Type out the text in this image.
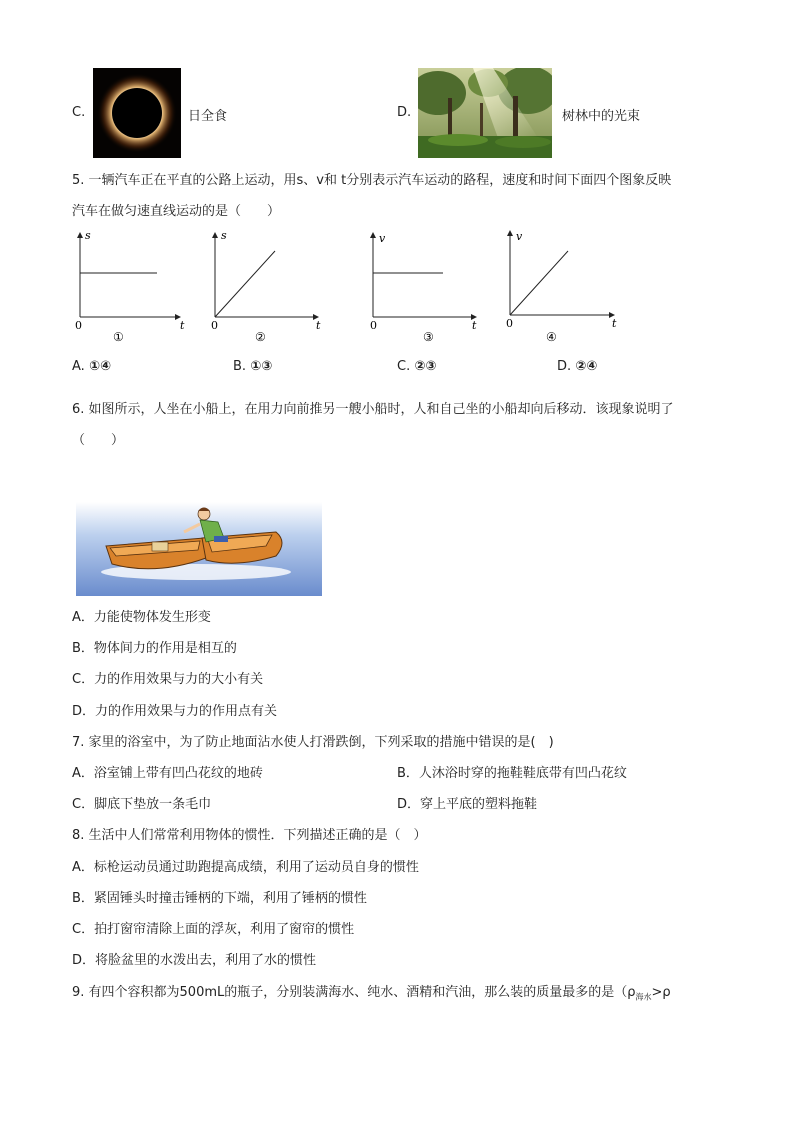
C.	日全食	D.	树林中的光束
5. 一辆汽车正在平直的公路上运动，用s、v和 t分别表示汽车运动的路程，速度和时间下面四个图象反映
汽车在做匀速直线运动的是（　　）
s
t
0
①
s
t
0
②
v
t
0
③
v
t
0
④
A. ①④	B. ①③	C. ②③	D. ②④
6. 如图所示，人坐在小船上，在用力向前推另一艘小船时，人和自己坐的小船却向后移动．该现象说明了
（　　）
A．力能使物体发生形变
B．物体间力的作用是相互的
C．力的作用效果与力的大小有关
D．力的作用效果与力的作用点有关
7. 家里的浴室中，为了防止地面沾水使人打滑跌倒，下列采取的措施中错误的是(　)
A．浴室铺上带有凹凸花纹的地砖	B．人沐浴时穿的拖鞋鞋底带有凹凸花纹
C．脚底下垫放一条毛巾	D．穿上平底的塑料拖鞋
8. 生活中人们常常利用物体的惯性．下列描述正确的是（　）
A．标枪运动员通过助跑提高成绩，利用了运动员自身的惯性
B．紧固锤头时撞击锤柄的下端，利用了锤柄的惯性
C．拍打窗帘清除上面的浮灰，利用了窗帘的惯性
D．将脸盆里的水泼出去，利用了水的惯性
9. 有四个容积都为500mL的瓶子，分别装满海水、纯水、酒精和汽油，那么装的质量最多的是（$\rho_{海水}>\rho$
